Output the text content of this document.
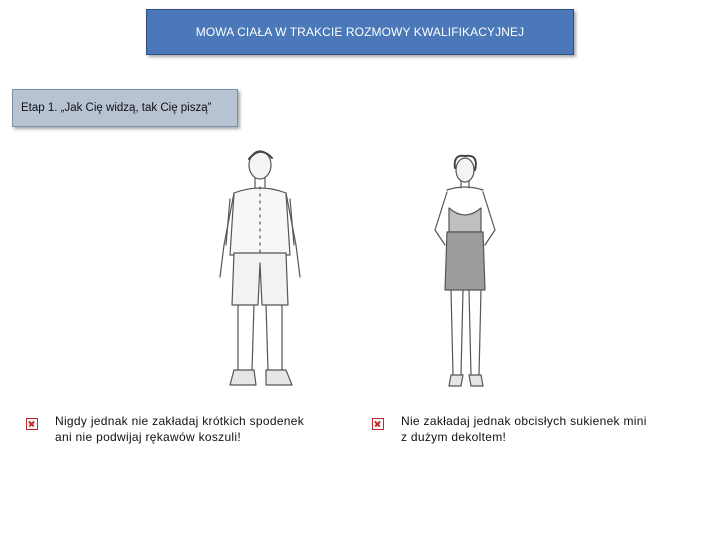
MOWA CIAŁA W TRAKCIE ROZMOWY KWALIFIKACYJNEJ
Etap 1. „Jak Cię widzą, tak Cię piszą”
Nigdy jednak nie zakładaj krótkich spodenek
ani nie podwijaj rękawów koszuli!
Nie zakładaj jednak obcisłych sukienek mini
z dużym dekoltem!
